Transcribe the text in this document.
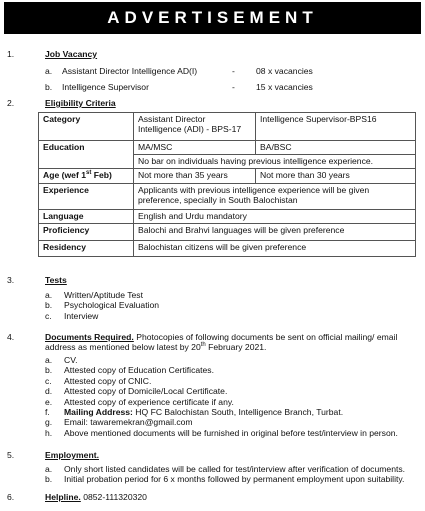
ADVERTISEMENT
1.	Job Vacancy
a. Assistant Director Intelligence AD(I)	- 08 x vacancies
b. Intelligence Supervisor	- 15 x vacancies
2.	Eligibility Criteria
Category	Assistant Director Intelligence (ADI) - BPS-17	Intelligence Supervisor-BPS16
Education	MA/MSC	BA/BSC
	No bar on individuals having previous intelligence experience.	
Age (wef 1st Feb)	Not more than 35 years	Not more than 30 years
Experience	Applicants with previous intelligence experience will be given preference, specially in South Balochistan	
Language	English and Urdu mandatory	
Proficiency	Balochi and Brahvi languages will be given preference	
Residency	Balochistan citizens will be given preference	
3.	Tests
a. Written/Aptitude Test
b. Psychological Evaluation
c. Interview
4.	Documents Required. Photocopies of following documents be sent on official mailing/ email address as mentioned below latest by 20th February 2021.
a. CV.
b. Attested copy of Education Certificates.
c. Attested copy of CNIC.
d. Attested copy of Domicile/Local Certificate.
e. Attested copy of experience certificate if any.
f. Mailing Address: HQ FC Balochistan South, Intelligence Branch, Turbat.
g. Email: tawaremekran@gmail.com
h. Above mentioned documents will be furnished in original before test/interview in person.
5.	Employment.
a. Only short listed candidates will be called for test/interview after verification of documents.
b. Initial probation period for 6 x months followed by permanent employment upon suitability.
6.	Helpline. 0852-111320320
